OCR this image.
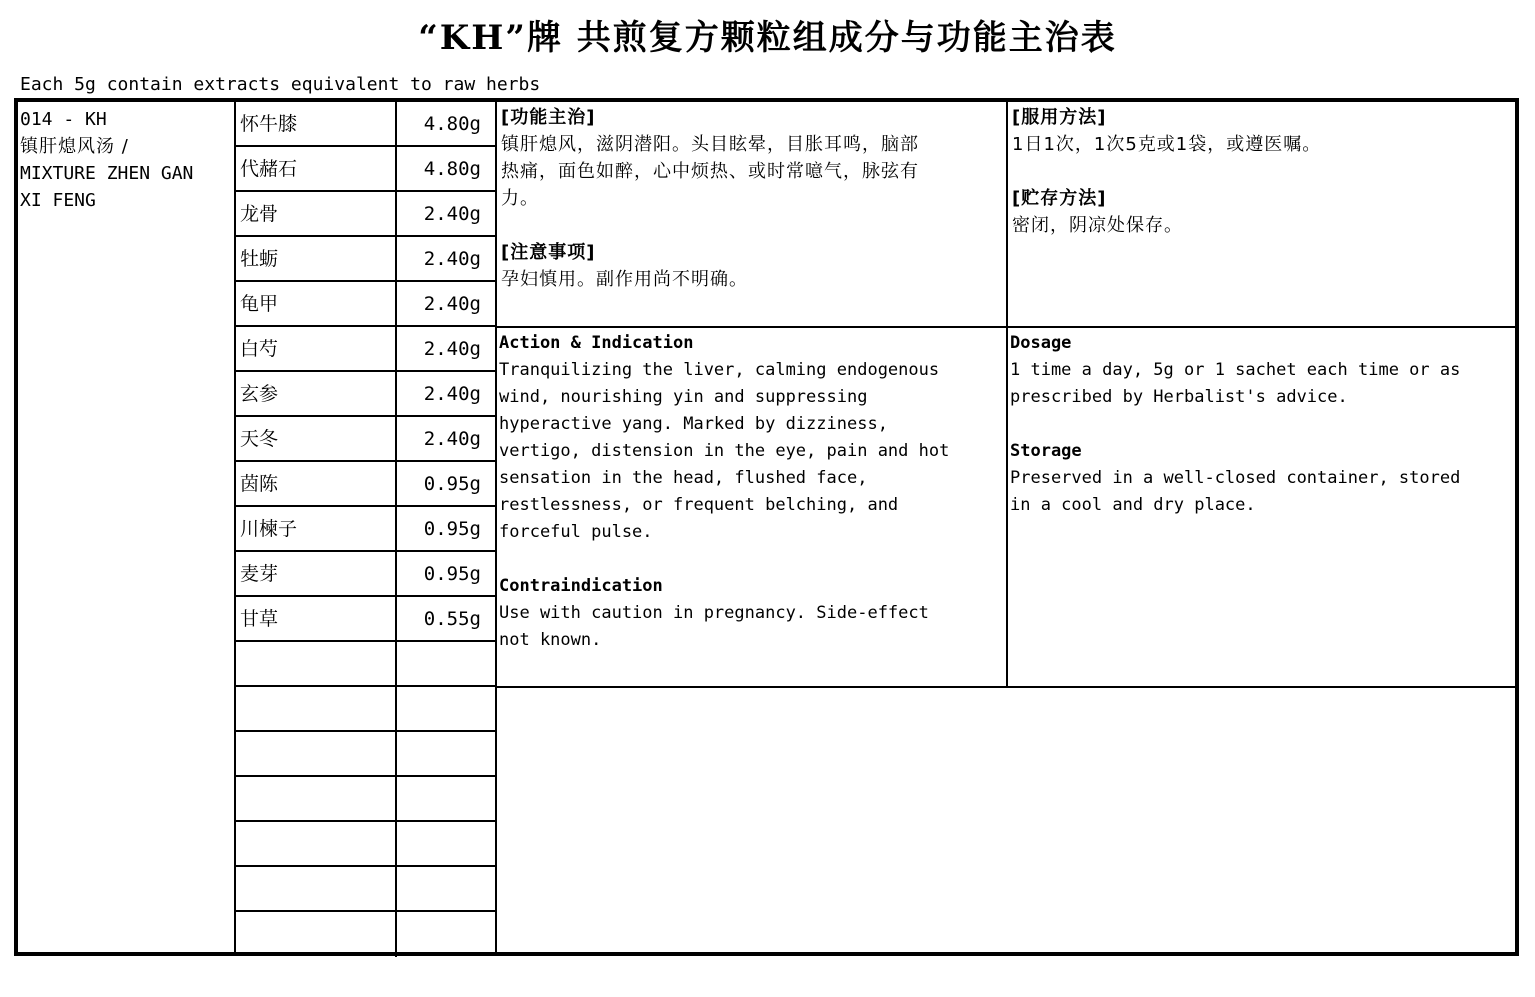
“KH”牌 共煎复方颗粒组成分与功能主治表
Each 5g contain extracts equivalent to raw herbs
014 - KH
镇肝熄风汤 /
MIXTURE ZHEN GAN
XI FENG
怀牛膝	4.80g
代赭石	4.80g
龙骨	2.40g
牡蛎	2.40g
龟甲	2.40g
白芍	2.40g
玄参	2.40g
天冬	2.40g
茵陈	0.95g
川楝子	0.95g
麦芽	0.95g
甘草	0.55g
[功能主治]
镇肝熄风，滋阴潜阳。头目眩晕，目胀耳鸣，脑部
热痛，面色如醉，心中烦热、或时常噫气，脉弦有
力。
[注意事项]
孕妇慎用。副作用尚不明确。
[服用方法]
1日1次，1次5克或1袋，或遵医嘱。
[贮存方法]
密闭，阴凉处保存。
Action & Indication
Tranquilizing the liver, calming endogenous
wind, nourishing yin and suppressing
hyperactive yang. Marked by dizziness,
vertigo, distension in the eye, pain and hot
sensation in the head, flushed face,
restlessness, or frequent belching, and
forceful pulse.
Contraindication
Use with caution in pregnancy. Side-effect
not known.
Dosage
1 time a day, 5g or 1 sachet each time or as
prescribed by Herbalist's advice.
Storage
Preserved in a well-closed container, stored
in a cool and dry place.
